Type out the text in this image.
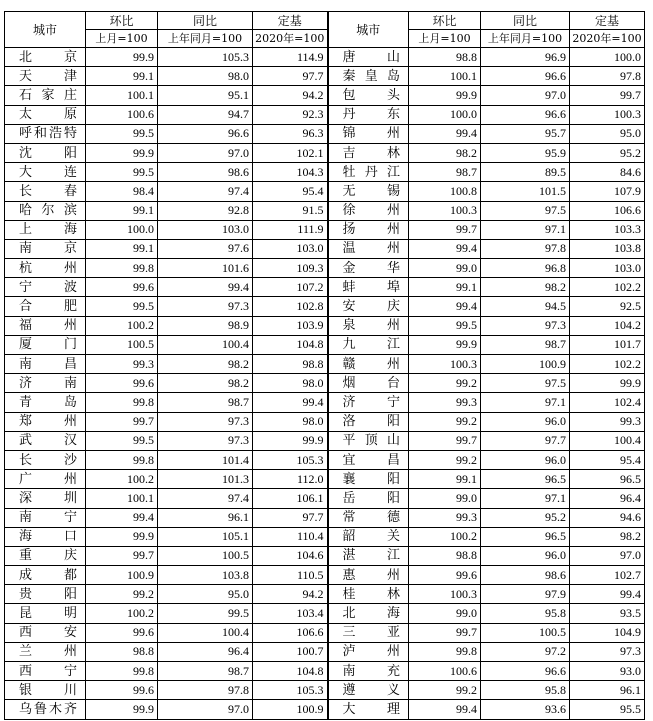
城市	环比	同比	定基	城市	环比	同比	定基
	上月=100	上年同月=100	2020年=100		上月=100	上年同月=100	2020年=100
北京	99.9	105.3	114.9	唐山	98.8	96.9	100.0
天津	99.1	98.0	97.7	秦皇岛	100.1	96.6	97.8
石家庄	100.1	95.1	94.2	包头	99.9	97.0	99.7
太原	100.6	94.7	92.3	丹东	100.0	96.6	100.3
呼和浩特	99.5	96.6	96.3	锦州	99.4	95.7	95.0
沈阳	99.9	97.0	102.1	吉林	98.2	95.9	95.2
大连	99.5	98.6	104.3	牡丹江	98.7	89.5	84.6
长春	98.4	97.4	95.4	无锡	100.8	101.5	107.9
哈尔滨	99.1	92.8	91.5	徐州	100.3	97.5	106.6
上海	100.0	103.0	111.9	扬州	99.7	97.1	103.3
南京	99.1	97.6	103.0	温州	99.4	97.8	103.8
杭州	99.8	101.6	109.3	金华	99.0	96.8	103.0
宁波	99.6	99.4	107.2	蚌埠	99.1	98.2	102.2
合肥	99.5	97.3	102.8	安庆	99.4	94.5	92.5
福州	100.2	98.9	103.9	泉州	99.5	97.3	104.2
厦门	100.5	100.4	104.8	九江	99.9	98.7	101.7
南昌	99.3	98.2	98.8	赣州	100.3	100.9	102.2
济南	99.6	98.2	98.0	烟台	99.2	97.5	99.9
青岛	99.8	98.7	99.4	济宁	99.3	97.1	102.4
郑州	99.7	97.3	98.0	洛阳	99.2	96.0	99.3
武汉	99.5	97.3	99.9	平顶山	99.7	97.7	100.4
长沙	99.8	101.4	105.3	宜昌	99.2	96.0	95.4
广州	100.2	101.3	112.0	襄阳	99.1	96.5	96.5
深圳	100.1	97.4	106.1	岳阳	99.0	97.1	96.4
南宁	99.4	96.1	97.7	常德	99.3	95.2	94.6
海口	99.9	105.1	110.4	韶关	100.2	96.5	98.2
重庆	99.7	100.5	104.6	湛江	98.8	96.0	97.0
成都	100.9	103.8	110.5	惠州	99.6	98.6	102.7
贵阳	99.2	95.0	94.2	桂林	100.3	97.9	99.4
昆明	100.2	99.5	103.4	北海	99.0	95.8	93.5
西安	99.6	100.4	106.6	三亚	99.7	100.5	104.9
兰州	98.8	96.4	100.7	泸州	99.8	97.2	97.3
西宁	99.8	98.7	104.8	南充	100.6	96.6	93.0
银川	99.6	97.8	105.3	遵义	99.2	95.8	96.1
乌鲁木齐	99.9	97.0	100.9	大理	99.4	93.6	95.5
